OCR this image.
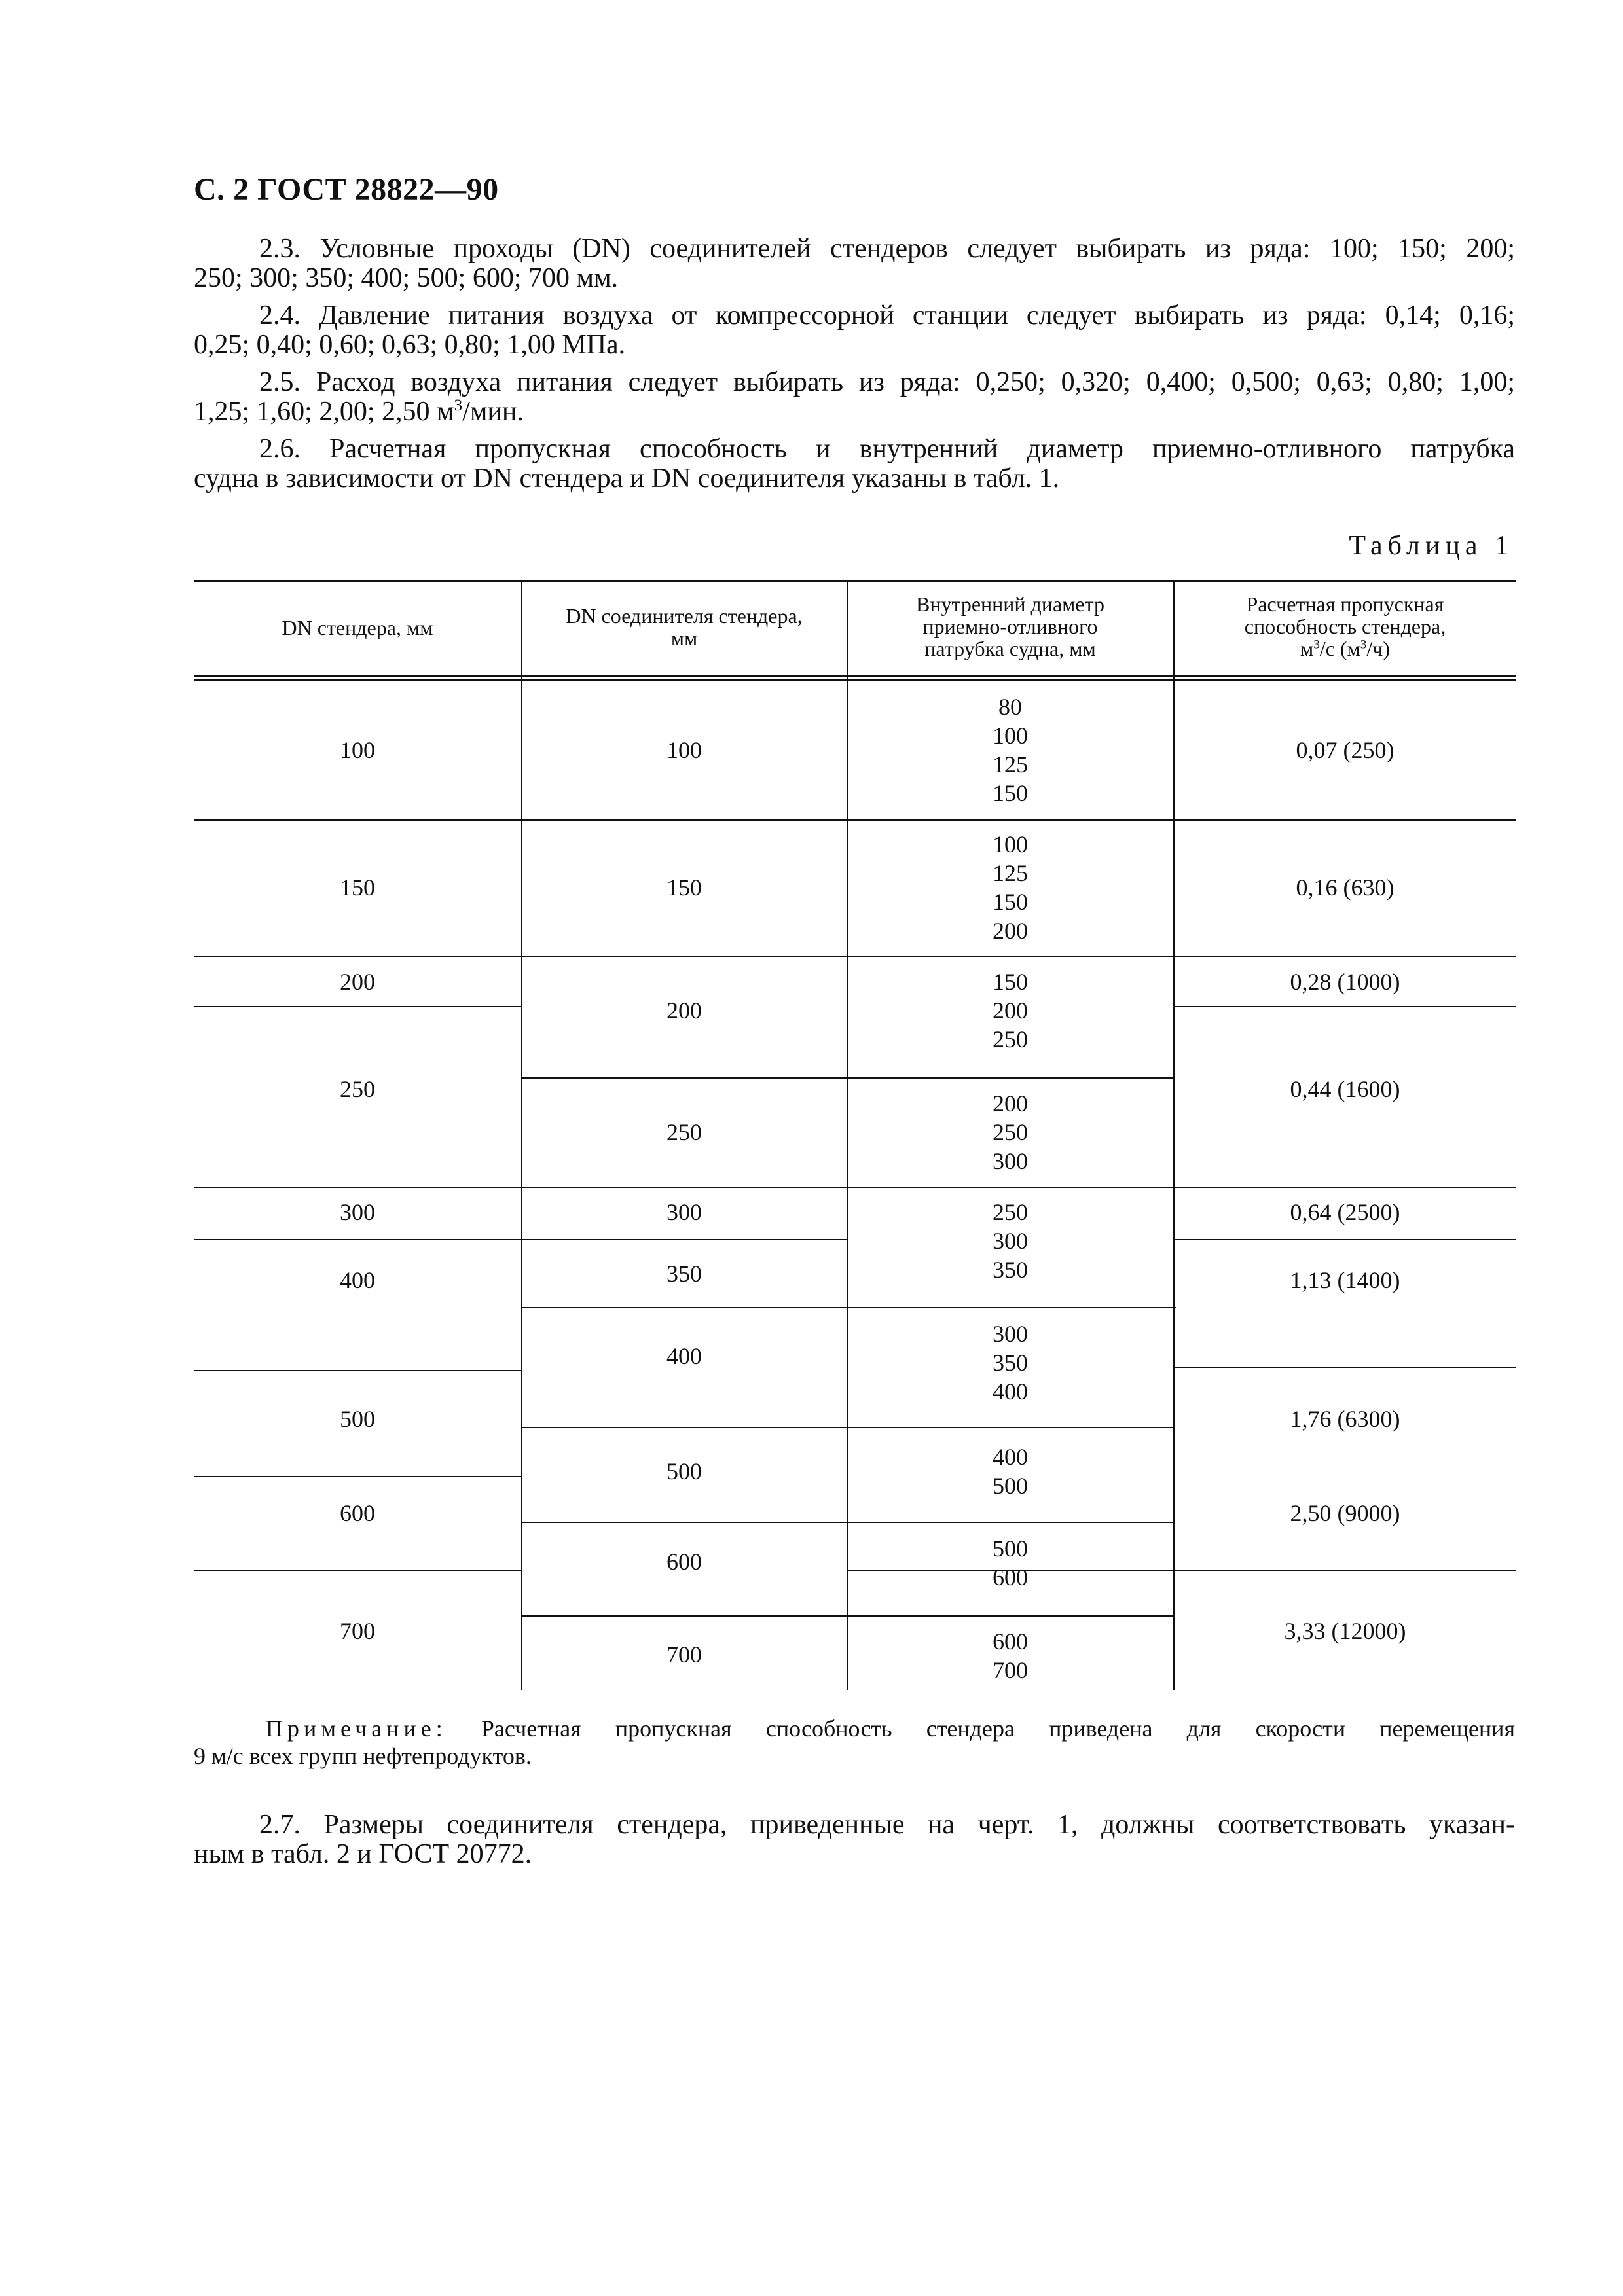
С. 2 ГОСТ 28822—90
2.3. Условные проходы (DN) соединителей стендеров следует выбирать из ряда: 100; 150; 200;
250; 300; 350; 400; 500; 600; 700 мм.
2.4. Давление питания воздуха от компрессорной станции следует выбирать из ряда: 0,14; 0,16;
0,25; 0,40; 0,60; 0,63; 0,80; 1,00 МПа.
2.5. Расход воздуха питания следует выбирать из ряда: 0,250; 0,320; 0,400; 0,500; 0,63; 0,80; 1,00;
1,25; 1,60; 2,00; 2,50 $м^3$/мин.
2.6. Расчетная пропускная способность и внутренний диаметр приемно-отливного патрубка
судна в зависимости от DN стендера и DN соединителя указаны в табл. 1.
Таблица 1
DN стендера, мм	DN соединителя стендера,
мм
Внутренний диаметр
приемно-отливного
патрубка судна, мм
Расчетная пропускная
способность стендера,
$м^3/с$ $(м^3/ч)$
100
150
200
250
300
400
500
600
700
100
150
200
250
300
350
400
500
600
700
80
100
125
150
100
125
150
200
150
200
250
200
250
300
250
300
350
300
350
400
400
500
500
600
600
700
0,07 (250)
0,16 (630)
0,28 (1000)
0,44 (1600)
0,64 (2500)
1,13 (1400)
1,76 (6300)
2,50 (9000)
3,33 (12000)
Примечание: Расчетная пропускная способность стендера приведена для скорости перемещения
9 м/с всех групп нефтепродуктов.
2.7. Размеры соединителя стендера, приведенные на черт. 1, должны соответствовать указан-
ным в табл. 2 и ГОСТ 20772.
